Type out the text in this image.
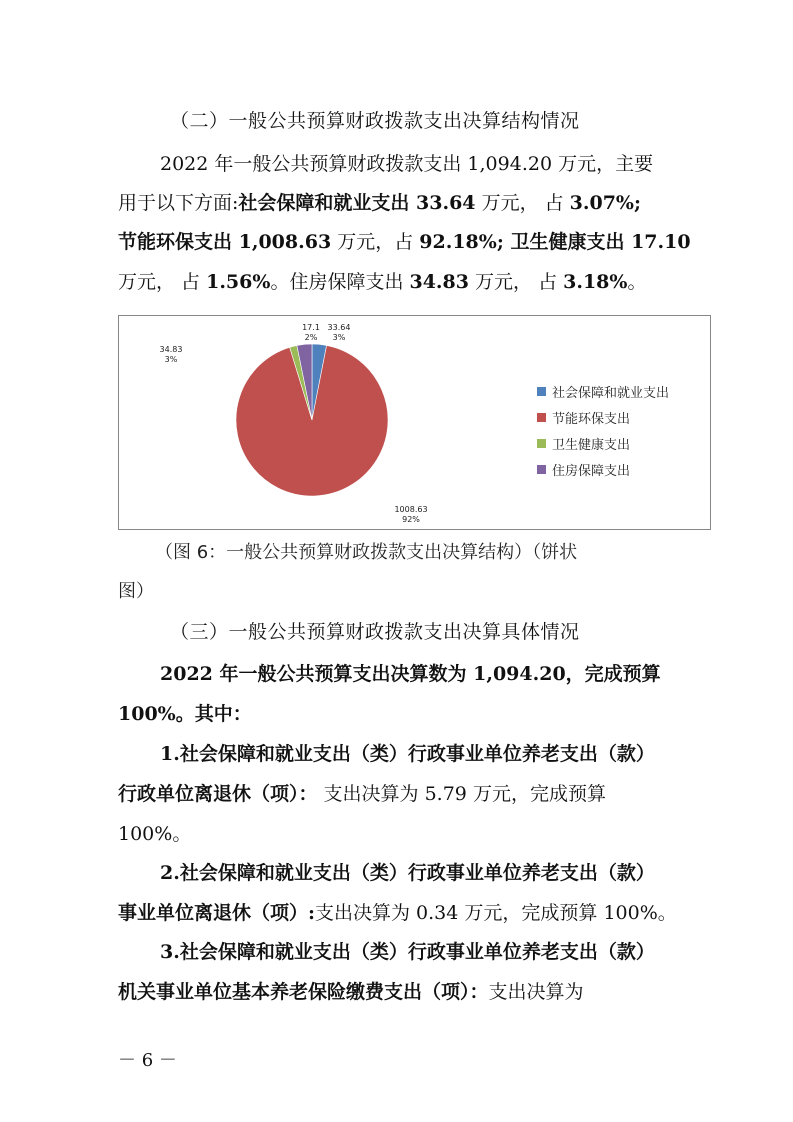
（二）一般公共预算财政拨款支出决算结构情况
2022 年一般公共预算财政拨款支出 1,094.20 万元，主要
用于以下方面:社会保障和就业支出 33.64 万元， 占 3.07%;
节能环保支出 1,008.63 万元，占 92.18%; 卫生健康支出 17.10
万元， 占 1.56%。住房保障支出 34.83 万元， 占 3.18%。
33.64
3%
1008.63
92%
17.1
2%
34.83
3%
社会保障和就业支出
节能环保支出
卫生健康支出
住房保障支出
（图 6：一般公共预算财政拨款支出决算结构）（饼状
图）
（三）一般公共预算财政拨款支出决算具体情况
2022 年一般公共预算支出决算数为 1,094.20，完成预算
100%。其中：
1.社会保障和就业支出（类）行政事业单位养老支出（款）
行政单位离退休（项）： 支出决算为 5.79 万元，完成预算
100%。
2.社会保障和就业支出（类）行政事业单位养老支出（款）
事业单位离退休（项）:支出决算为 0.34 万元，完成预算 100%。
3.社会保障和就业支出（类）行政事业单位养老支出（款）
机关事业单位基本养老保险缴费支出（项）：支出决算为
－ 6 －
